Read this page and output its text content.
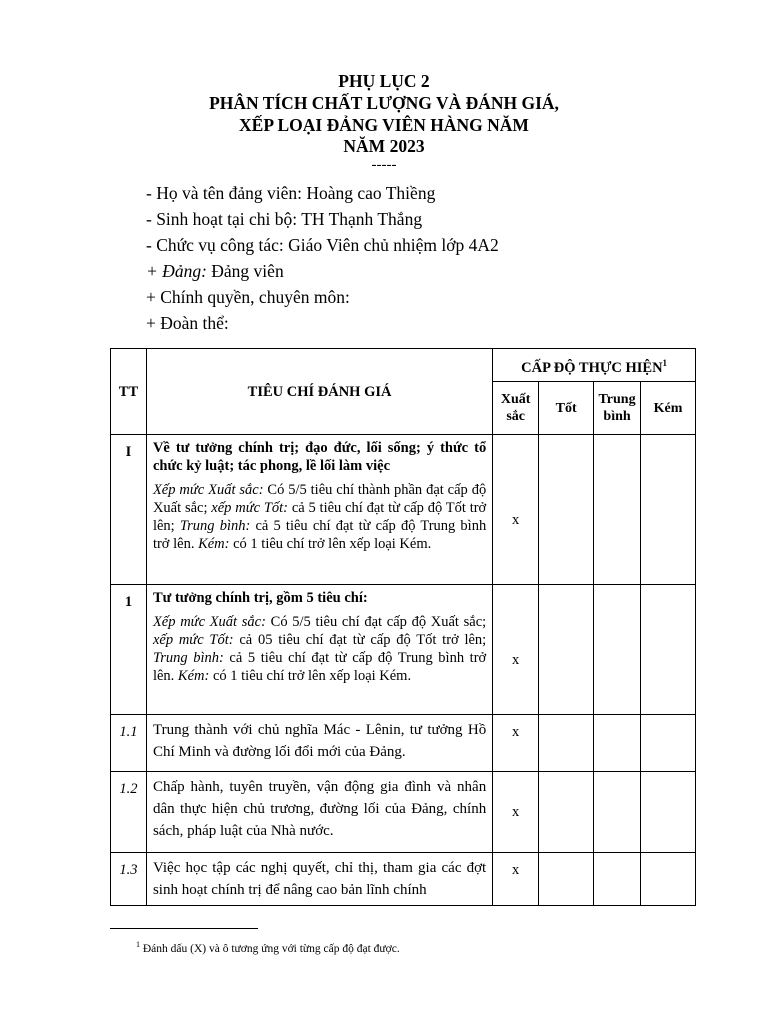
PHỤ LỤC 2
PHÂN TÍCH CHẤT LƯỢNG VÀ ĐÁNH GIÁ,
XẾP LOẠI ĐẢNG VIÊN HÀNG NĂM
NĂM 2023
-----
- Họ và tên đảng viên: Hoàng cao Thiềng
- Sinh hoạt tại chi bộ: TH Thạnh Thắng
- Chức vụ công tác: Giáo Viên chủ nhiệm lớp 4A2
+ Đảng: Đảng viên
+ Chính quyền, chuyên môn:
+ Đoàn thể:
TT	TIÊU CHÍ ĐÁNH GIÁ	CẤP ĐỘ THỰC HIỆN$^1$
		Xuất sắc	Tốt	Trung bình	Kém
I	Về tư tưởng chính trị; đạo đức, lối sống; ý thức tổ chức kỷ luật; tác phong, lề lối làm việc
Xếp mức Xuất sắc: Có 5/5 tiêu chí thành phần đạt cấp độ Xuất sắc; xếp mức Tốt: cả 5 tiêu chí đạt từ cấp độ Tốt trở lên; Trung bình: cả 5 tiêu chí đạt từ cấp độ Trung bình trở lên. Kém: có 1 tiêu chí trở lên xếp loại Kém.	x			
1	Tư tưởng chính trị, gồm 5 tiêu chí:
Xếp mức Xuất sắc: Có 5/5 tiêu chí đạt cấp độ Xuất sắc; xếp mức Tốt: cả 05 tiêu chí đạt từ cấp độ Tốt trở lên; Trung bình: cả 5 tiêu chí đạt từ cấp độ Trung bình trở lên. Kém: có 1 tiêu chí trở lên xếp loại Kém.	x			
1.1	Trung thành với chủ nghĩa Mác - Lênin, tư tưởng Hồ Chí Minh và đường lối đổi mới của Đảng.	x			
1.2	Chấp hành, tuyên truyền, vận động gia đình và nhân dân thực hiện chủ trương, đường lối của Đảng, chính sách, pháp luật của Nhà nước.	x			
1.3	Việc học tập các nghị quyết, chỉ thị, tham gia các đợt sinh hoạt chính trị để nâng cao bản lĩnh chính	x			
$^1$ Đánh dấu (X) và ô tương ứng với từng cấp độ đạt được.
